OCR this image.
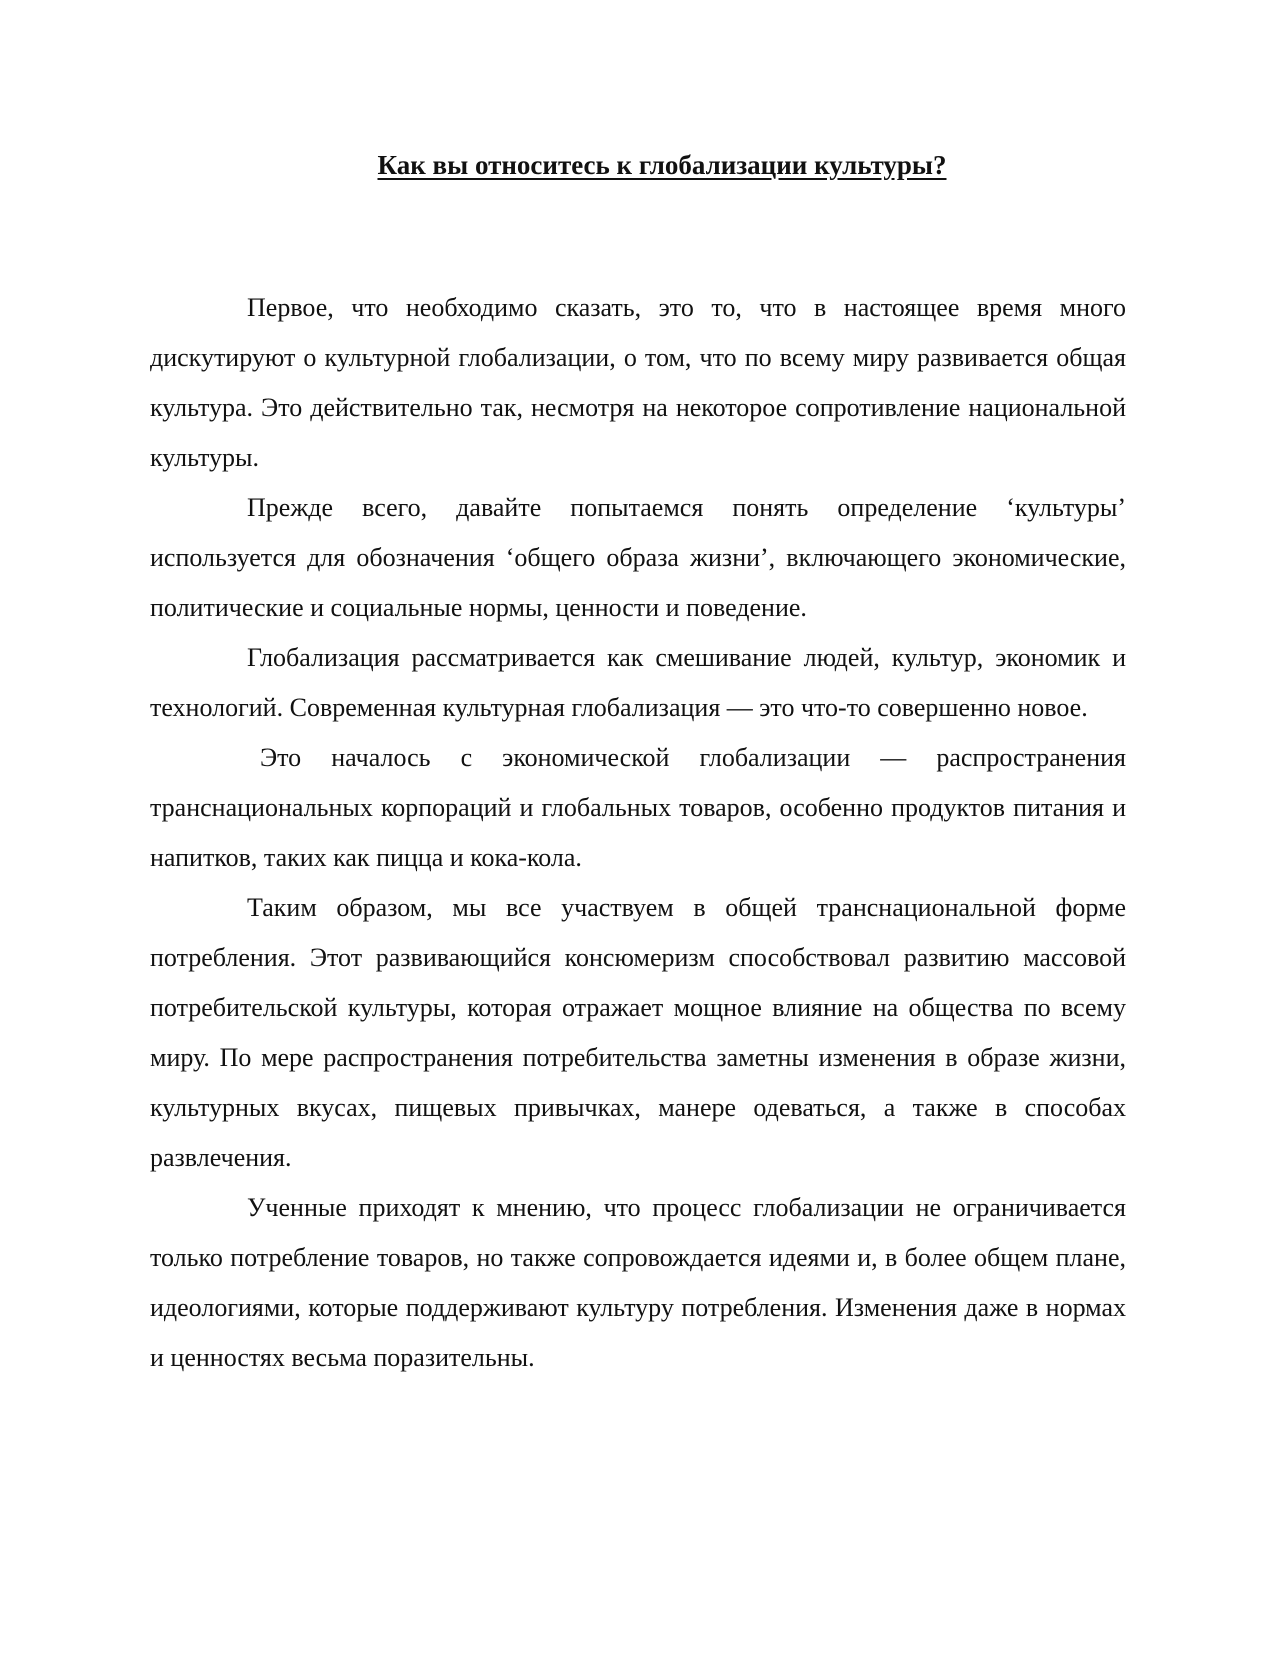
Как вы относитесь к глобализации культуры?

Первое, что необходимо сказать, это то, что в настоящее время много дискутируют о культурной глобализации, о том, что по всему миру развивается общая культура. Это действительно так, несмотря на некоторое сопротивление национальной культуры.

Прежде всего, давайте попытаемся понять определение ‘культуры’ используется для обозначения ‘общего образа жизни’, включающего экономические, политические и социальные нормы, ценности и поведение.

Глобализация рассматривается как смешивание людей, культур, экономик и технологий. Современная культурная глобализация — это что-то совершенно новое.

Это началось с экономической глобализации — распространения транснациональных корпораций и глобальных товаров, особенно продуктов питания и напитков, таких как пицца и кока-кола.

Таким образом, мы все участвуем в общей транснациональной форме потребления. Этот развивающийся консюмеризм способствовал развитию массовой потребительской культуры, которая отражает мощное влияние на общества по всему миру. По мере распространения потребительства заметны изменения в образе жизни, культурных вкусах, пищевых привычках, манере одеваться, а также в способах развлечения.

Ученные приходят к мнению, что процесс глобализации не ограничивается только потребление товаров, но также сопровождается идеями и, в более общем плане, идеологиями, которые поддерживают культуру потребления. Изменения даже в нормах и ценностях весьма поразительны.
